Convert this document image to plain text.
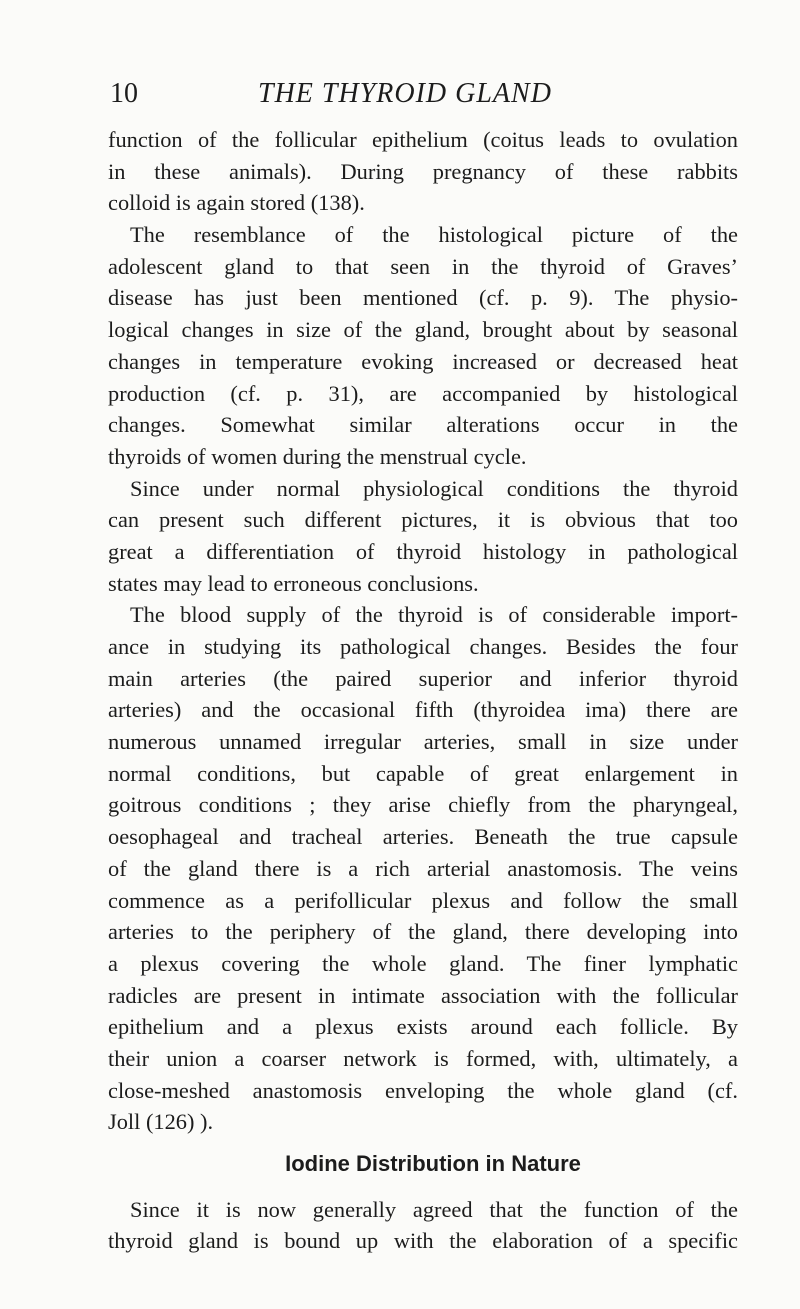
10	THE THYROID GLAND
function of the follicular epithelium (coitus leads to ovulation
in these animals). During pregnancy of these rabbits
colloid is again stored (138).
The resemblance of the histological picture of the
adolescent gland to that seen in the thyroid of Graves’
disease has just been mentioned (cf. p. 9). The physio-
logical changes in size of the gland, brought about by seasonal
changes in temperature evoking increased or decreased heat
production (cf. p. 31), are accompanied by histological
changes. Somewhat similar alterations occur in the
thyroids of women during the menstrual cycle.
Since under normal physiological conditions the thyroid
can present such different pictures, it is obvious that too
great a differentiation of thyroid histology in pathological
states may lead to erroneous conclusions.
The blood supply of the thyroid is of considerable import-
ance in studying its pathological changes. Besides the four
main arteries (the paired superior and inferior thyroid
arteries) and the occasional fifth (thyroidea ima) there are
numerous unnamed irregular arteries, small in size under
normal conditions, but capable of great enlargement in
goitrous conditions ; they arise chiefly from the pharyngeal,
oesophageal and tracheal arteries. Beneath the true capsule
of the gland there is a rich arterial anastomosis. The veins
commence as a perifollicular plexus and follow the small
arteries to the periphery of the gland, there developing into
a plexus covering the whole gland. The finer lymphatic
radicles are present in intimate association with the follicular
epithelium and a plexus exists around each follicle. By
their union a coarser network is formed, with, ultimately, a
close-meshed anastomosis enveloping the whole gland (cf.
Joll (126) ).
Iodine Distribution in Nature
Since it is now generally agreed that the function of the
thyroid gland is bound up with the elaboration of a specific
